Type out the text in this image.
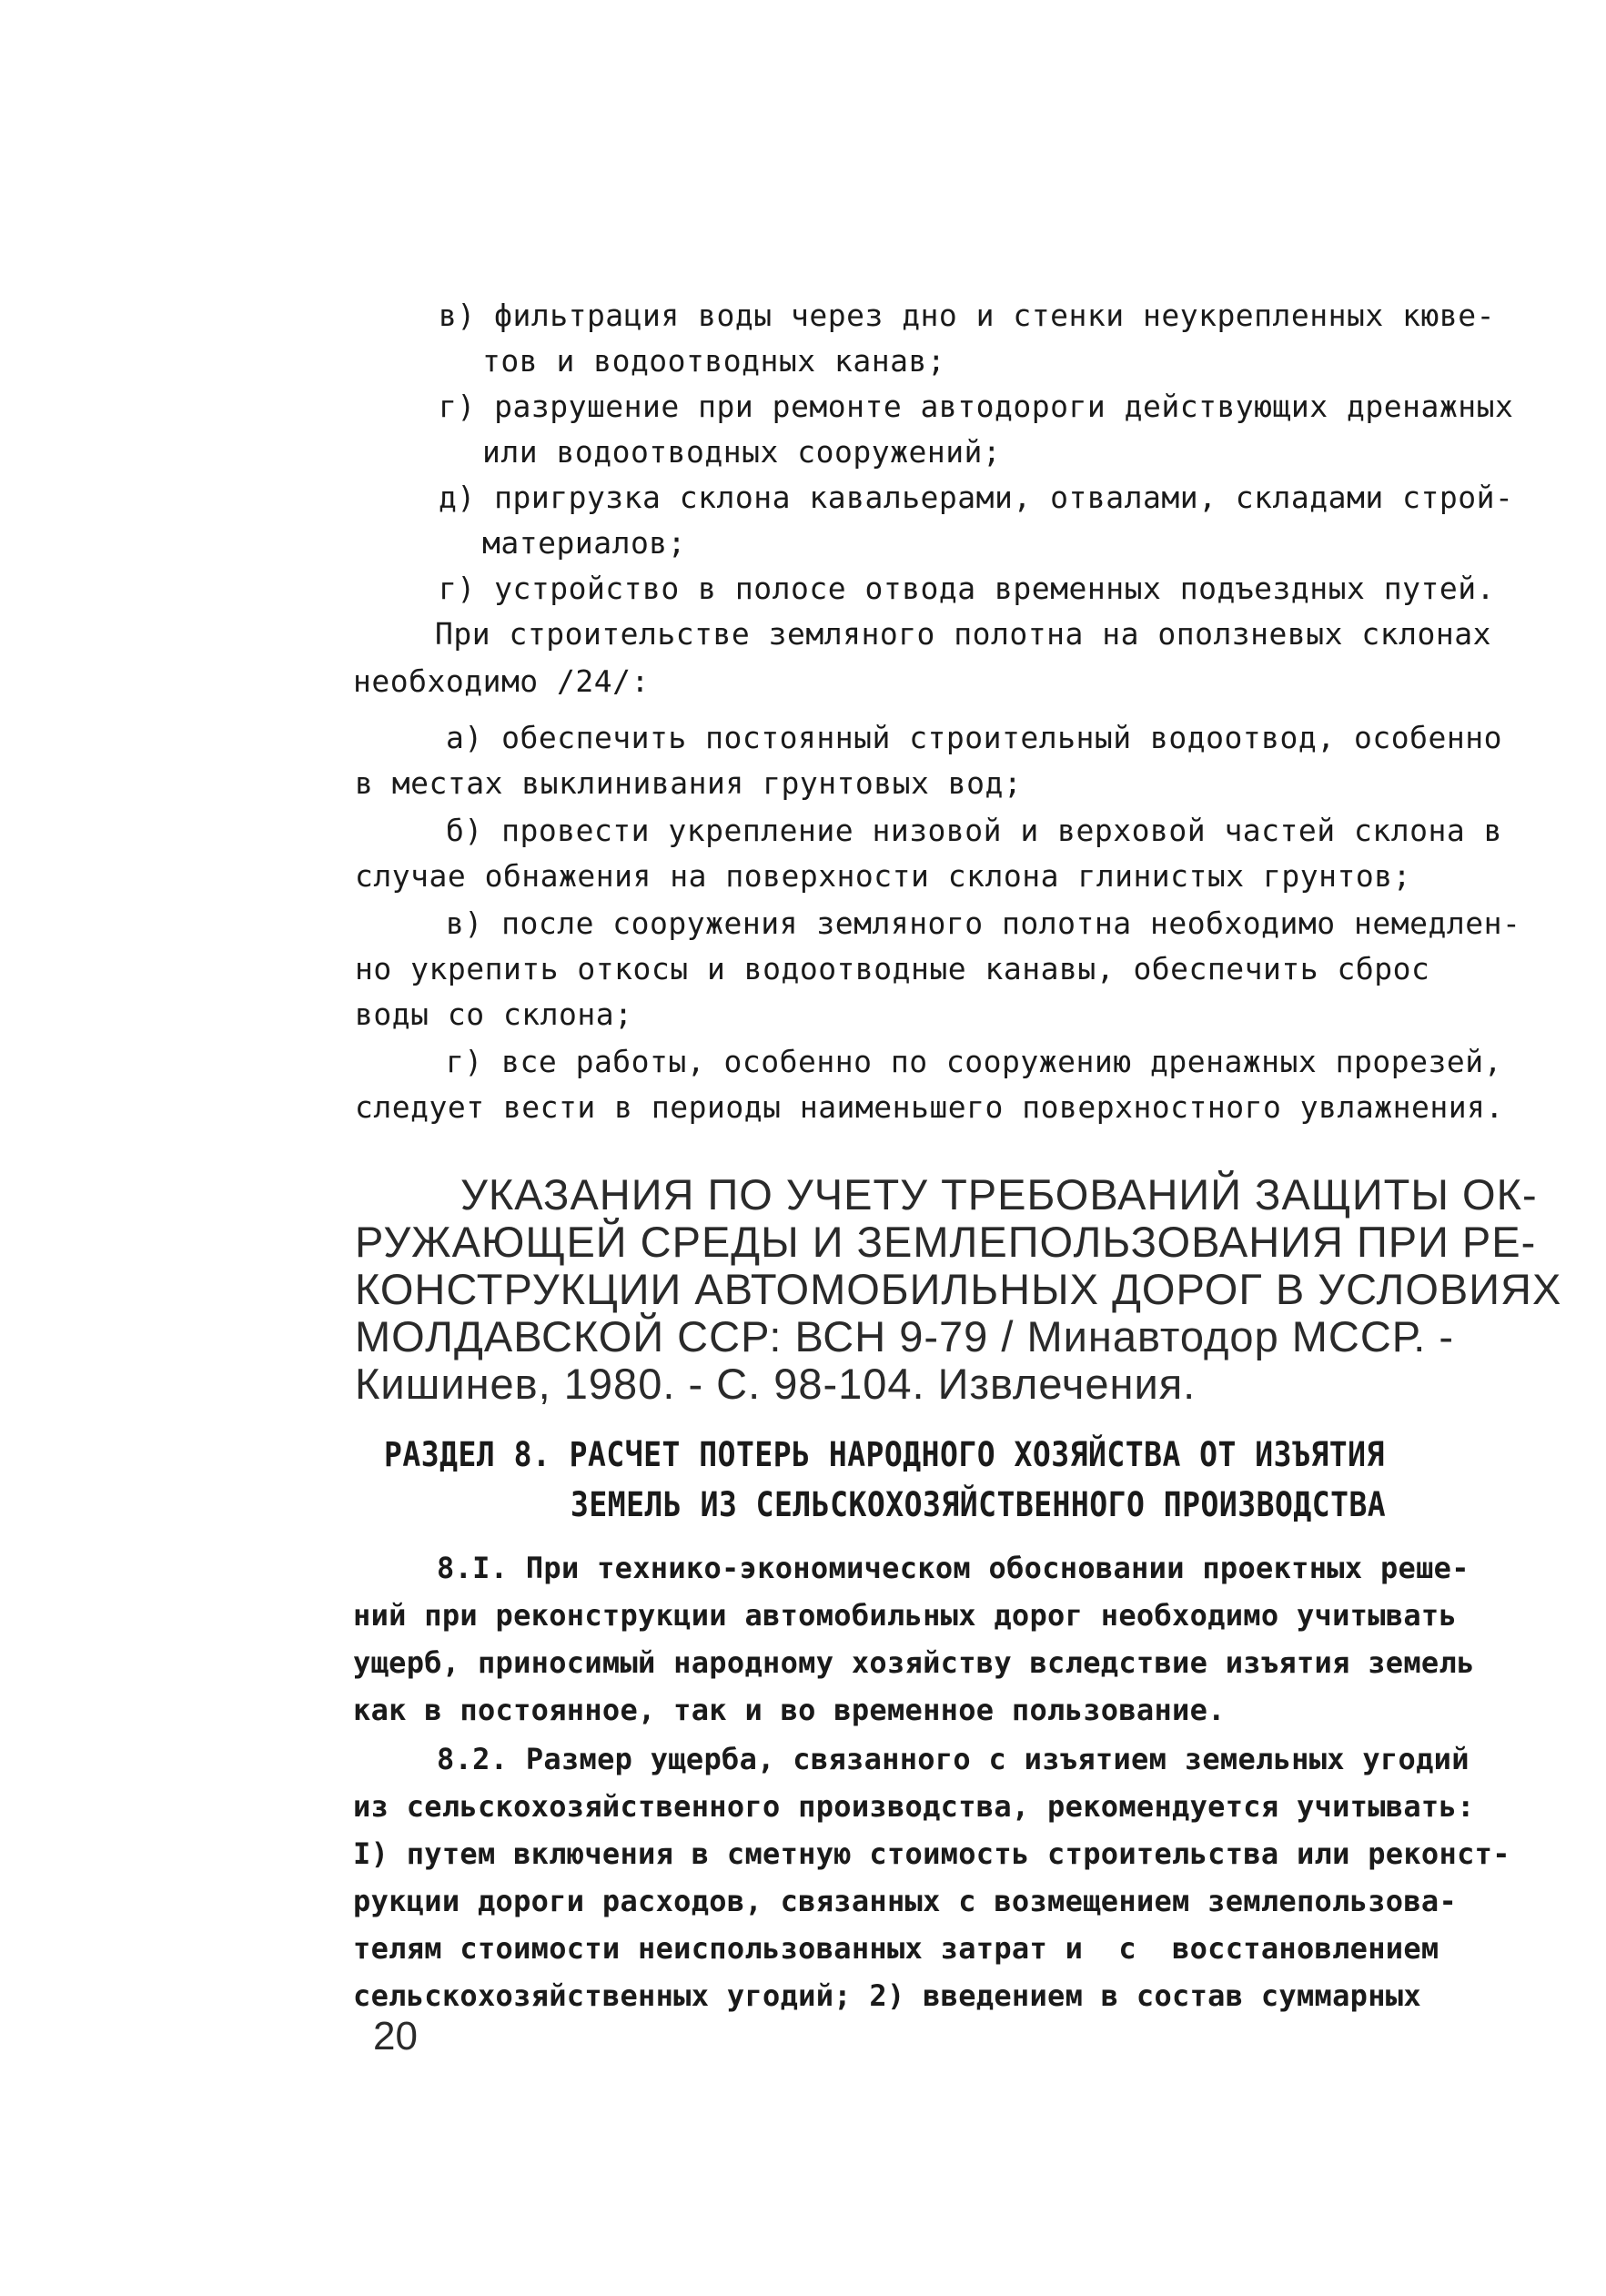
в) фильтрация воды через дно и стенки неукрепленных кюве-
тов и водоотводных канав;
г) разрушение при ремонте автодороги действующих дренажных
или водоотводных сооружений;
д) пригрузка склона кавальерами, отвалами, складами строй-
материалов;
г) устройство в полосе отвода временных подъездных путей.
При строительстве земляного полотна на оползневых склонах
необходимо /24/:
а) обеспечить постоянный строительный водоотвод, особенно
в местах выклинивания грунтовых вод;
б) провести укрепление низовой и верховой частей склона в
случае обнажения на поверхности склона глинистых грунтов;
в) после сооружения земляного полотна необходимо немедлен-
но укрепить откосы и водоотводные канавы, обеспечить сброс
воды со склона;
г) все работы, особенно по сооружению дренажных прорезей,
следует вести в периоды наименьшего поверхностного увлажнения.
УКАЗАНИЯ ПО УЧЕТУ ТРЕБОВАНИЙ ЗАЩИТЫ ОК-
РУЖАЮЩЕЙ СРЕДЫ И ЗЕМЛЕПОЛЬЗОВАНИЯ ПРИ РЕ-
КОНСТРУКЦИИ АВТОМОБИЛЬНЫХ ДОРОГ В УСЛОВИЯХ
МОЛДАВСКОЙ ССР: ВСН 9-79 / Минавтодор МССР. -
Кишинев, 1980. - С. 98-104. Извлечения.
РАЗДЕЛ 8. РАСЧЕТ ПОТЕРЬ НАРОДНОГО ХОЗЯЙСТВА ОТ ИЗЪЯТИЯ
ЗЕМЕЛЬ ИЗ СЕЛЬСКОХОЗЯЙСТВЕННОГО ПРОИЗВОДСТВА
8.I. При технико-экономическом обосновании проектных реше-
ний при реконструкции автомобильных дорог необходимо учитывать
ущерб, приносимый народному хозяйству вследствие изъятия земель
как в постоянное, так и во временное пользование.
8.2. Размер ущерба, связанного с изъятием земельных угодий
из сельскохозяйственного производства, рекомендуется учитывать:
I) путем включения в сметную стоимость строительства или реконст-
рукции дороги расходов, связанных с возмещением землепользова-
телям стоимости неиспользованных затрат и  с  восстановлением
сельскохозяйственных угодий; 2) введением в состав суммарных
20
